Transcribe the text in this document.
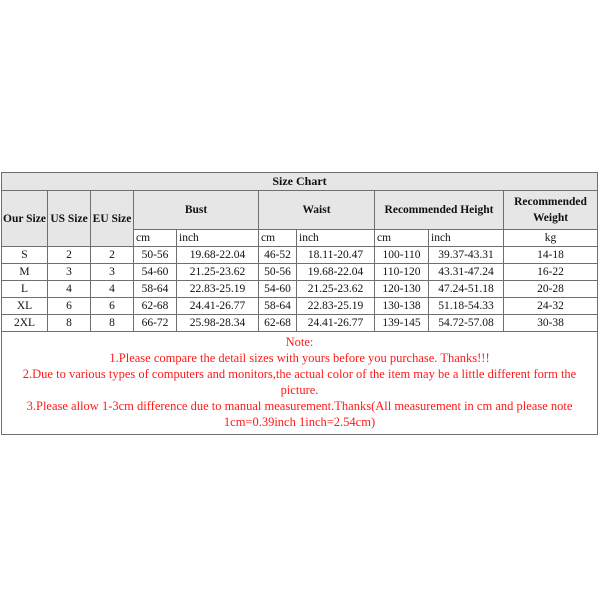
Size Chart									
Our Size	US Size	EU Size	Bust		Waist		Recommended Height		Recommended Weight
			cm	inch	cm	inch	cm	inch	kg
S	2	2	50-56	19.68-22.04	46-52	18.11-20.47	100-110	39.37-43.31	14-18
M	3	3	54-60	21.25-23.62	50-56	19.68-22.04	110-120	43.31-47.24	16-22
L	4	4	58-64	22.83-25.19	54-60	21.25-23.62	120-130	47.24-51.18	20-28
XL	6	6	62-68	24.41-26.77	58-64	22.83-25.19	130-138	51.18-54.33	24-32
2XL	8	8	66-72	25.98-28.34	62-68	24.41-26.77	139-145	54.72-57.08	30-38

Note:

1.Please compare the detail sizes with yours before you purchase. Thanks!!!

2.Due to various types of computers and monitors,the actual color of the item may be a little different form the picture.

3.Please allow 1-3cm difference due to manual measurement.Thanks(All measurement in cm and please note 1cm=0.39inch 1inch=2.54cm)									
